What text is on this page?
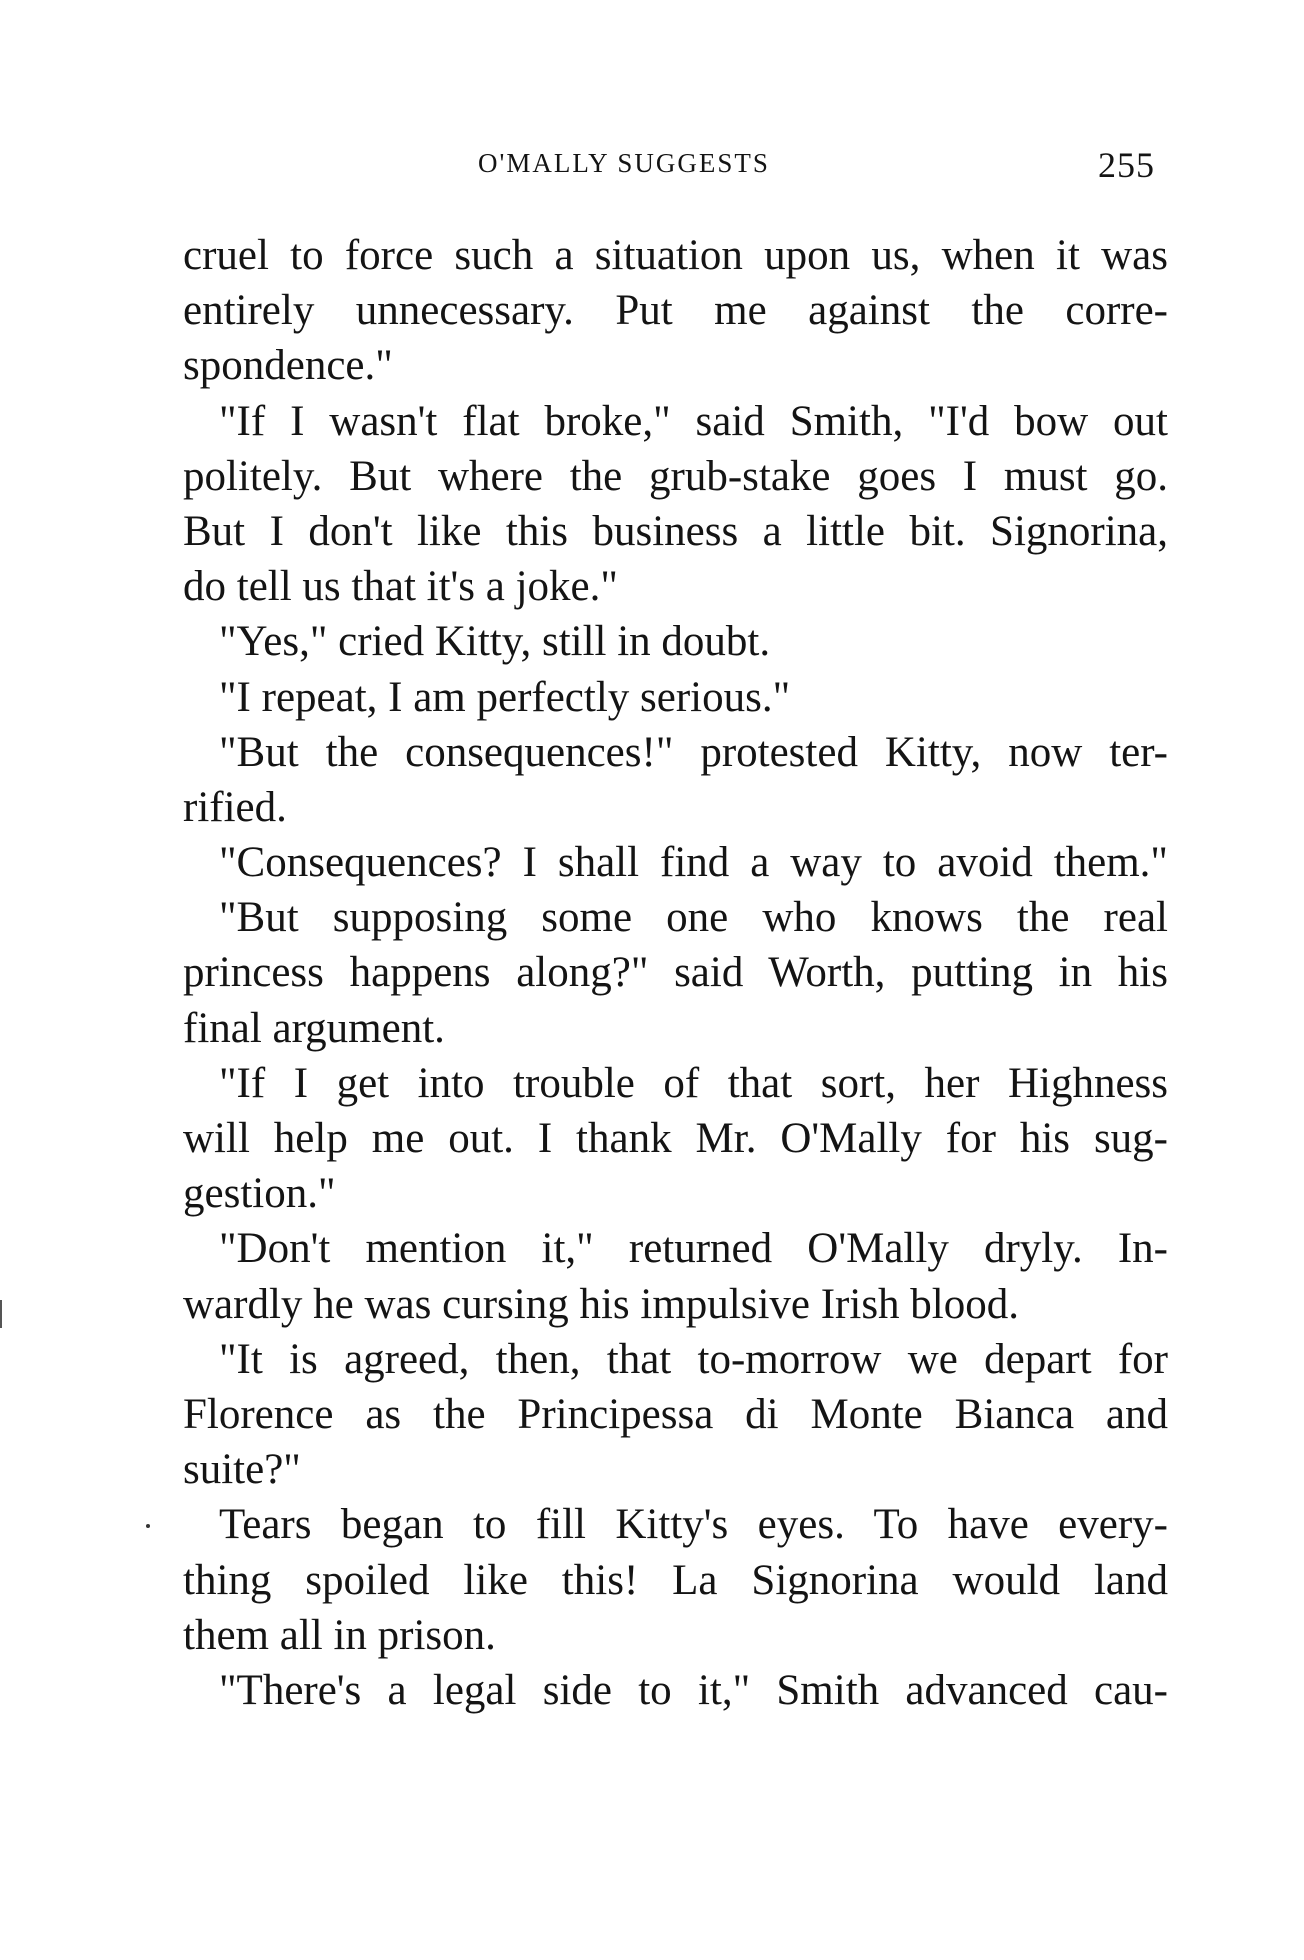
O'MALLY SUGGESTS	255
cruel to force such a situation upon us, when it was
entirely unnecessary. Put me against the corre-
spondence."
"If I wasn't flat broke," said Smith, "I'd bow out
politely. But where the grub-stake goes I must go.
But I don't like this business a little bit. Signorina,
do tell us that it's a joke."
"Yes," cried Kitty, still in doubt.
"I repeat, I am perfectly serious."
"But the consequences!" protested Kitty, now ter-
rified.
"Consequences? I shall find a way to avoid them."
"But supposing some one who knows the real
princess happens along?" said Worth, putting in his
final argument.
"If I get into trouble of that sort, her Highness
will help me out. I thank Mr. O'Mally for his sug-
gestion."
"Don't mention it," returned O'Mally dryly. In-
wardly he was cursing his impulsive Irish blood.
"It is agreed, then, that to-morrow we depart for
Florence as the Principessa di Monte Bianca and
suite?"
Tears began to fill Kitty's eyes. To have every-
thing spoiled like this! La Signorina would land
them all in prison.
"There's a legal side to it," Smith advanced cau-
